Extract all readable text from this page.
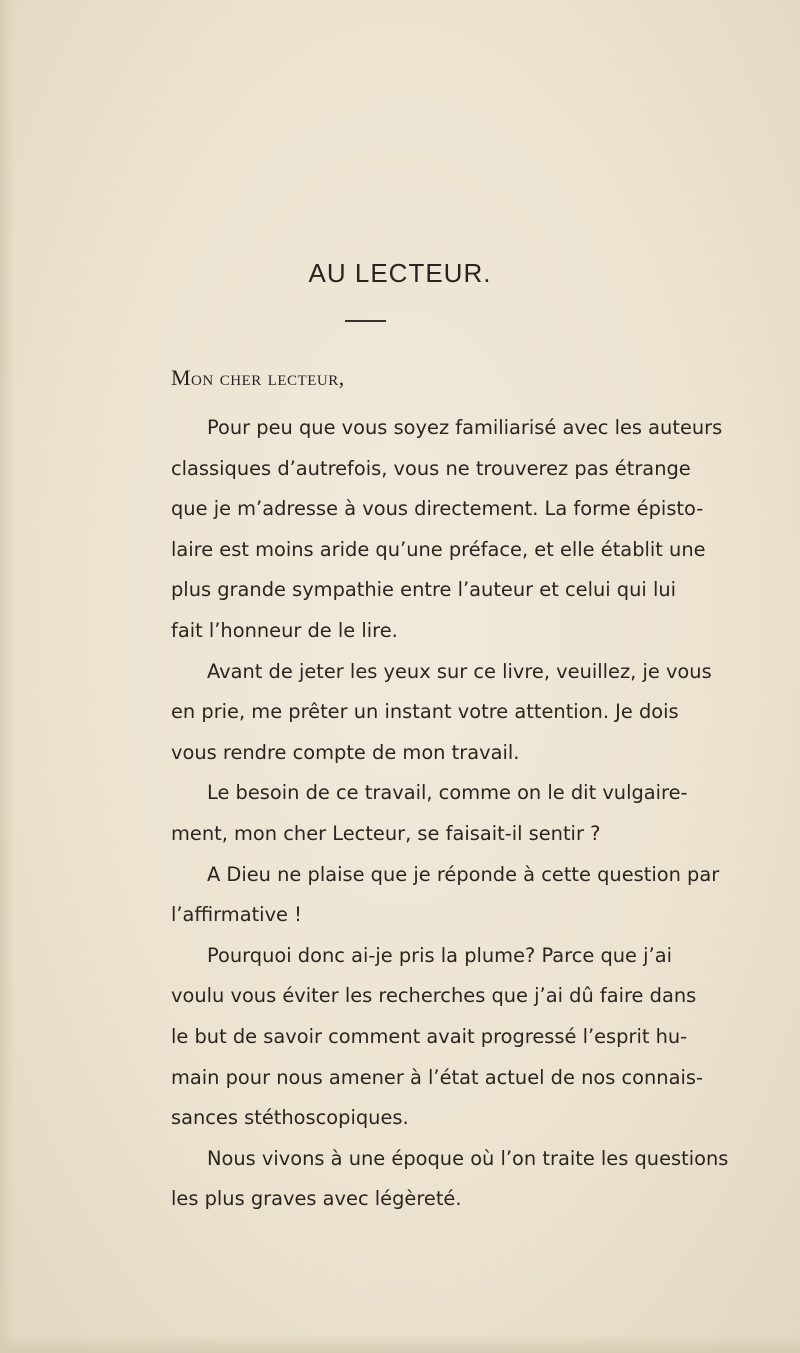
AU LECTEUR.
Mon cher lecteur,

Pour peu que vous soyez familiarisé avec les auteurs
classiques d’autrefois, vous ne trouverez pas étrange
que je m’adresse à vous directement. La forme épisto-
laire est moins aride qu’une préface, et elle établit une
plus grande sympathie entre l’auteur et celui qui lui
fait l’honneur de le lire.

Avant de jeter les yeux sur ce livre, veuillez, je vous
en prie, me prêter un instant votre attention. Je dois
vous rendre compte de mon travail.

Le besoin de ce travail, comme on le dit vulgaire-
ment, mon cher Lecteur, se faisait-il sentir ?

A Dieu ne plaise que je réponde à cette question par
l’affirmative !

Pourquoi donc ai-je pris la plume? Parce que j’ai
voulu vous éviter les recherches que j’ai dû faire dans
le but de savoir comment avait progressé l’esprit hu-
main pour nous amener à l’état actuel de nos connais-
sances stéthoscopiques.

Nous vivons à une époque où l’on traite les questions
les plus graves avec légèreté.
